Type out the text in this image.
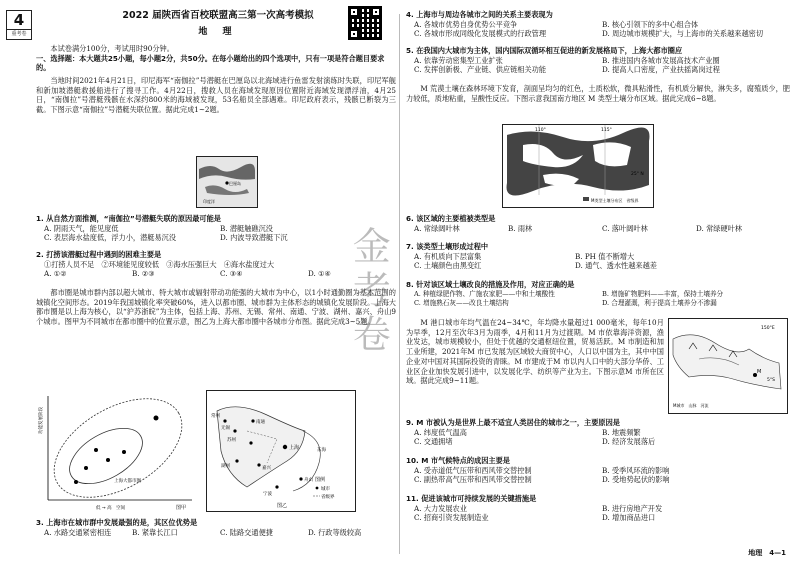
4
重考卷
2022 届陕西省百校联盟高三第一次高考模拟
地 理

本试卷满分100分，考试用时90分钟。

一、选择题：本大题共25小题，每小题2分，共50分。在每小题给出的四个选项中，只有一项是符合题目要求的。

当地时间2021年4月21日，印尼海军“南伽拉”号潜艇在巴厘岛以北海域进行鱼雷发射演练时失联，印尼军舰和新加坡潜艇救援船进行了搜寻工作。4月22日，搜救人员在海域发现原因位置附近海域发现漂浮油，4月25日，“南伽拉”号潜艇残骸在水深约800米的海域被发现，53名船员全部遇难。印尼政府表示，残骸已断裂为三截。下图示意“南伽拉”号潜艇失联位置。据此完成1~2题。

巴厘岛
印度洋

1. 从自然方面推测，“南伽拉”号潜艇失联的原因最可能是

A. 阴雨天气，能见度低	B. 潜艇触礁沉没
C. 表层海水盐度低，浮力小，潜艇易沉没	D. 内波导致潜艇下沉

2. 打捞该潜艇过程中遇到的困难主要是

①打捞人员不足　②环境能见度较低　③海水压强巨大　④海水盐度过大

A. ①②	B. ②③	C. ③④	D. ①④

都市圈是城市群内部以超大城市、特大城市或辐射带动功能强的大城市为中心，以1小时通勤圈为基本范围的城镇化空间形态。2019年我国城镇化率突破60%，进入以都市圈、城市群为主体形态的城镇化发展阶段。上海大都市圈是以上海为核心，以“沪苏浙皖”为主体，包括上海、苏州、无锡、常州、南通、宁波、湖州、嘉兴、舟山9个城市。图甲为不同城市在都市圈中的位置示意，图乙为上海大都市圈中各城市分布图。据此完成3~5题。

功能发展阶段
低 → 高　空间
上海大都市圈
图甲
南通
苏州
上海
湖州	嘉兴
宁波
舟山
无锡
常州
东海
图例
城市
省级界
图乙

3. 上海市在城市群中发展最强的是，其区位优势是

A. 水路交通紧密相连	B. 紧靠长江口	C. 陆路交通便捷	D. 行政等级较高

4. 上海市与周边各城市之间的关系主要表现为

A. 各城市优势自身优势公平竞争	B. 核心引领下的多中心组合体
C. 各城市形成同级化发展模式的行政管理	D. 周边城市规模扩大，与上海市的关系越来越密切

5. 在我国内大城市为主体，国内国际双循环相互促进的新发展格局下，上海大都市圈应

A. 依靠劳动密集型工业扩张	B. 推进国内各城市发展高技术产业圈
C. 发挥创新极、产业链、供应链相关功能	D. 提高人口密度，产业扶摇离岗过程

M 荒漠土壤在森林环境下发育，剖面呈均匀的红色，土质松软，微具粘滑性，有机质分解快，淋失多，腐殖质少，肥力较低，质地粘重，呈酸性反应。下图示意我国南方地区 M 类型土壤分布区域。据此完成6~8题。

110°	115°
25° N
M类型土壤分布区　省级界

6. 该区域的主要植被类型是

A. 常绿阔叶林	B. 雨林	C. 落叶阔叶林	D. 常绿硬叶林

7. 该类型土壤形成过程中

A. 有机质向下层富集	B. PH 值不断增大
C. 土壤颜色由黑变红	D. 通气、透水性越来越差

8. 针对该区域土壤改良的措施及作用，对应正确的是

A. 种植绿肥作物、广施农家肥——中和土壤酸性	B. 增施矿物肥料——丰富，保持土壤养分
C. 增施熟石灰——改良土壤结构	D. 合理灌溉，利于提高土壤养分不渗漏

M 港口城市年均气温在24~34℃，年均降水量超过1 000毫米，每年10月为早季，12月至次年3月为雨季，4月和11月为过渡期。M 市依靠海洋资源，渔业发达，城市规模较小，但处于优越的交通枢纽位置，贸易活跃。M 市制造和加工业所建，2021年M 市已发展为区域较大商贸中心，人口以中国为主，其中中国企业对中国对其国际投资的青睐。M 市建成于M 市以内人口中的大部分华侨、工业区企业加快发展引进中，以发展化学、纺织等产业为主。下图示意M 市所在区域。据此完成9~11题。

M
150°E
5°S
M城市　山脉　河流

9. M 市被认为是世界上最不适宜人类居住的城市之一，主要原因是

A. 纬度低气温高	B. 地震频繁
C. 交通拥堵	D. 经济发展落后

10. M 市气候特点的成因主要是

A. 受赤道低气压带和西风带交替控制	B. 受季风环流的影响
C. 副热带高气压带和西风带交替控制	D. 受地势起伏的影响

11. 促进该城市可持续发展的关键措施是

A. 大力发展农业	B. 进行房地产开发
C. 招商引资发展制造业	D. 增加商品进口
地理　4—1
金考卷
